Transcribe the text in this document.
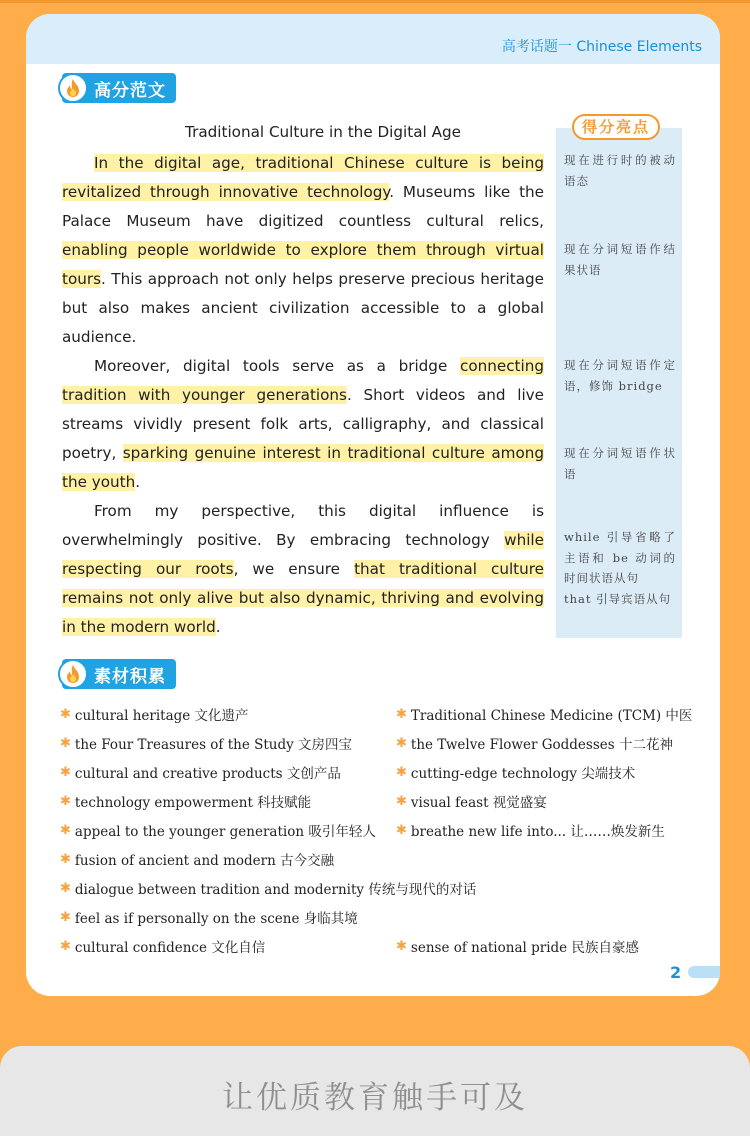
高考话题一 Chinese Elements
高分范文
Traditional Culture in the Digital Age

In the digital age, traditional Chinese culture is being revitalized through innovative technology. Museums like the Palace Museum have digitized countless cultural relics, enabling people worldwide to explore them through virtual tours. This approach not only helps preserve precious heritage but also makes ancient civilization accessible to a global audience.

Moreover, digital tools serve as a bridge connecting tradition with younger generations. Short videos and live streams vividly present folk arts, calligraphy, and classical poetry, sparking genuine interest in traditional culture among the youth.

From my perspective, this digital influence is overwhelmingly positive. By embracing technology while respecting our roots, we ensure that traditional culture remains not only alive but also dynamic, thriving and evolving in the modern world.

得分亮点
现在进行时的被动语态
现在分词短语作结果状语
现在分词短语作定语，修饰 bridge
现在分词短语作状语
while 引导省略了主语和 be 动词的时间状语从句
that 引导宾语从句
素材积累
✱ cultural heritage 文化遗产	✱ Traditional Chinese Medicine (TCM) 中医
✱ the Four Treasures of the Study 文房四宝	✱ the Twelve Flower Goddesses 十二花神
✱ cultural and creative products 文创产品	✱ cutting-edge technology 尖端技术
✱ technology empowerment 科技赋能	✱ visual feast 视觉盛宴
✱ appeal to the younger generation 吸引年轻人 ✱ breathe new life into... 让……焕发新生
✱ fusion of ancient and modern 古今交融
✱ dialogue between tradition and modernity 传统与现代的对话
✱ feel as if personally on the scene 身临其境
✱ cultural confidence 文化自信	✱ sense of national pride 民族自豪感
2
让优质教育触手可及
